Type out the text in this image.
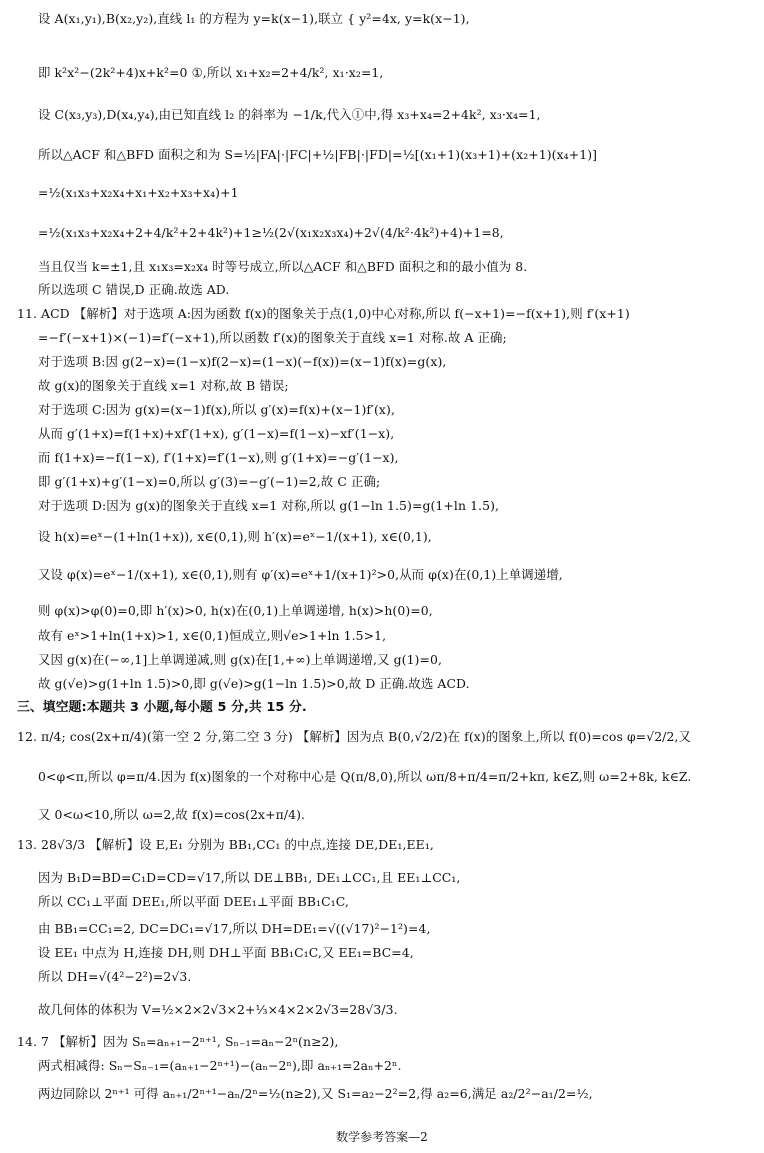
设 A(x₁,y₁),B(x₂,y₂),直线 l₁ 的方程为 y=k(x−1),联立 { y²=4x, y=k(x−1),
即 k²x²−(2k²+4)x+k²=0 ①,所以 x₁+x₂=2+4/k², x₁·x₂=1,
设 C(x₃,y₃),D(x₄,y₄),由已知直线 l₂ 的斜率为 −1/k,代入①中,得 x₃+x₄=2+4k², x₃·x₄=1,
所以△ACF 和△BFD 面积之和为 S=½|FA|·|FC|+½|FB|·|FD|=½[(x₁+1)(x₃+1)+(x₂+1)(x₄+1)]
=½(x₁x₃+x₂x₄+x₁+x₂+x₃+x₄)+1
=½(x₁x₃+x₂x₄+2+4/k²+2+4k²)+1≥½(2√(x₁x₂x₃x₄)+2√(4/k²·4k²)+4)+1=8,
当且仅当 k=±1,且 x₁x₃=x₂x₄ 时等号成立,所以△ACF 和△BFD 面积之和的最小值为 8.
所以选项 C 错误,D 正确.故选 AD.
11. ACD 【解析】对于选项 A:因为函数 f(x)的图象关于点(1,0)中心对称,所以 f(−x+1)=−f(x+1),则 f′(x+1)
=−f′(−x+1)×(−1)=f′(−x+1),所以函数 f′(x)的图象关于直线 x=1 对称.故 A 正确;
对于选项 B:因 g(2−x)=(1−x)f(2−x)=(1−x)(−f(x))=(x−1)f(x)=g(x),
故 g(x)的图象关于直线 x=1 对称,故 B 错误;
对于选项 C:因为 g(x)=(x−1)f(x),所以 g′(x)=f(x)+(x−1)f′(x),
从而 g′(1+x)=f(1+x)+xf′(1+x), g′(1−x)=f(1−x)−xf′(1−x),
而 f(1+x)=−f(1−x), f′(1+x)=f′(1−x),则 g′(1+x)=−g′(1−x),
即 g′(1+x)+g′(1−x)=0,所以 g′(3)=−g′(−1)=2,故 C 正确;
对于选项 D:因为 g(x)的图象关于直线 x=1 对称,所以 g(1−ln 1.5)=g(1+ln 1.5),
设 h(x)=eˣ−(1+ln(1+x)), x∈(0,1),则 h′(x)=eˣ−1/(x+1), x∈(0,1),
又设 φ(x)=eˣ−1/(x+1), x∈(0,1),则有 φ′(x)=eˣ+1/(x+1)²>0,从而 φ(x)在(0,1)上单调递增,
则 φ(x)>φ(0)=0,即 h′(x)>0, h(x)在(0,1)上单调递增, h(x)>h(0)=0,
故有 eˣ>1+ln(1+x)>1, x∈(0,1)恒成立,则√e>1+ln 1.5>1,
又因 g(x)在(−∞,1]上单调递减,则 g(x)在[1,+∞)上单调递增,又 g(1)=0,
故 g(√e)>g(1+ln 1.5)>0,即 g(√e)>g(1−ln 1.5)>0,故 D 正确.故选 ACD.
三、填空题:本题共 3 小题,每小题 5 分,共 15 分.
12. π/4; cos(2x+π/4)(第一空 2 分,第二空 3 分) 【解析】因为点 B(0,√2/2)在 f(x)的图象上,所以 f(0)=cos φ=√2/2,又
0<φ<π,所以 φ=π/4.因为 f(x)图象的一个对称中心是 Q(π/8,0),所以 ωπ/8+π/4=π/2+kπ, k∈Z,则 ω=2+8k, k∈Z.
又 0<ω<10,所以 ω=2,故 f(x)=cos(2x+π/4).
13. 28√3/3 【解析】设 E,E₁ 分别为 BB₁,CC₁ 的中点,连接 DE,DE₁,EE₁,
因为 B₁D=BD=C₁D=CD=√17,所以 DE⊥BB₁, DE₁⊥CC₁,且 EE₁⊥CC₁,
所以 CC₁⊥平面 DEE₁,所以平面 DEE₁⊥平面 BB₁C₁C,
由 BB₁=CC₁=2, DC=DC₁=√17,所以 DH=DE₁=√((√17)²−1²)=4,
设 EE₁ 中点为 H,连接 DH,则 DH⊥平面 BB₁C₁C,又 EE₁=BC=4,
所以 DH=√(4²−2²)=2√3.
故几何体的体积为 V=½×2×2√3×2+⅓×4×2×2√3=28√3/3.
14. 7 【解析】因为 Sₙ=aₙ₊₁−2ⁿ⁺¹, Sₙ₋₁=aₙ−2ⁿ(n≥2),
两式相减得: Sₙ−Sₙ₋₁=(aₙ₊₁−2ⁿ⁺¹)−(aₙ−2ⁿ),即 aₙ₊₁=2aₙ+2ⁿ.
两边同除以 2ⁿ⁺¹ 可得 aₙ₊₁/2ⁿ⁺¹−aₙ/2ⁿ=½(n≥2),又 S₁=a₂−2²=2,得 a₂=6,满足 a₂/2²−a₁/2=½,
数学参考答案—2
